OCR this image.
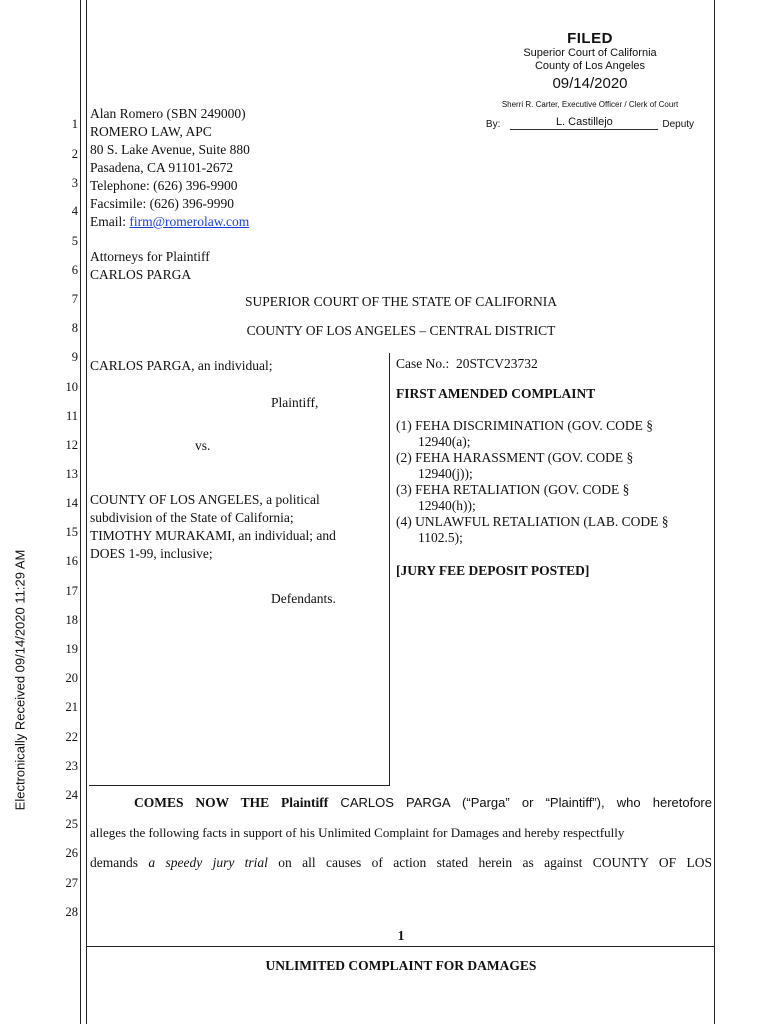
Electronically Received 09/14/2020 11:29 AM
FILED
Superior Court of California
County of Los Angeles
09/14/2020
Sherri R. Carter, Executive Officer / Clerk of Court
By:	L. Castillejo	Deputy
1
2
3
4
5
6
7
8
9
10
11
12
13
14
15
16
17
18
19
20
21
22
23
24
25
26
27
28
Alan Romero (SBN 249000)
ROMERO LAW, APC
80 S. Lake Avenue, Suite 880
Pasadena, CA 91101-2672
Telephone: (626) 396-9900
Facsimile: (626) 396-9990
Email: firm@romerolaw.com
Attorneys for Plaintiff
CARLOS PARGA
SUPERIOR COURT OF THE STATE OF CALIFORNIA
COUNTY OF LOS ANGELES – CENTRAL DISTRICT
CARLOS PARGA, an individual;
Plaintiff,
vs.
COUNTY OF LOS ANGELES, a political
subdivision of the State of California;
TIMOTHY MURAKAMI, an individual; and
DOES 1-99, inclusive;
Defendants.
Case No.: 20STCV23732
FIRST AMENDED COMPLAINT
(1) FEHA DISCRIMINATION (GOV. CODE §
12940(a);
(2) FEHA HARASSMENT (GOV. CODE §
12940(j));
(3) FEHA RETALIATION (GOV. CODE §
12940(h));
(4) UNLAWFUL RETALIATION (LAB. CODE §
1102.5);
[JURY FEE DEPOSIT POSTED]
COMES NOW THE Plaintiff CARLOS PARGA (“Parga” or “Plaintiff”), who heretofore
alleges the following facts in support of his Unlimited Complaint for Damages and hereby respectfully
demands a speedy jury trial on all causes of action stated herein as against COUNTY OF LOS
1
UNLIMITED COMPLAINT FOR DAMAGES
